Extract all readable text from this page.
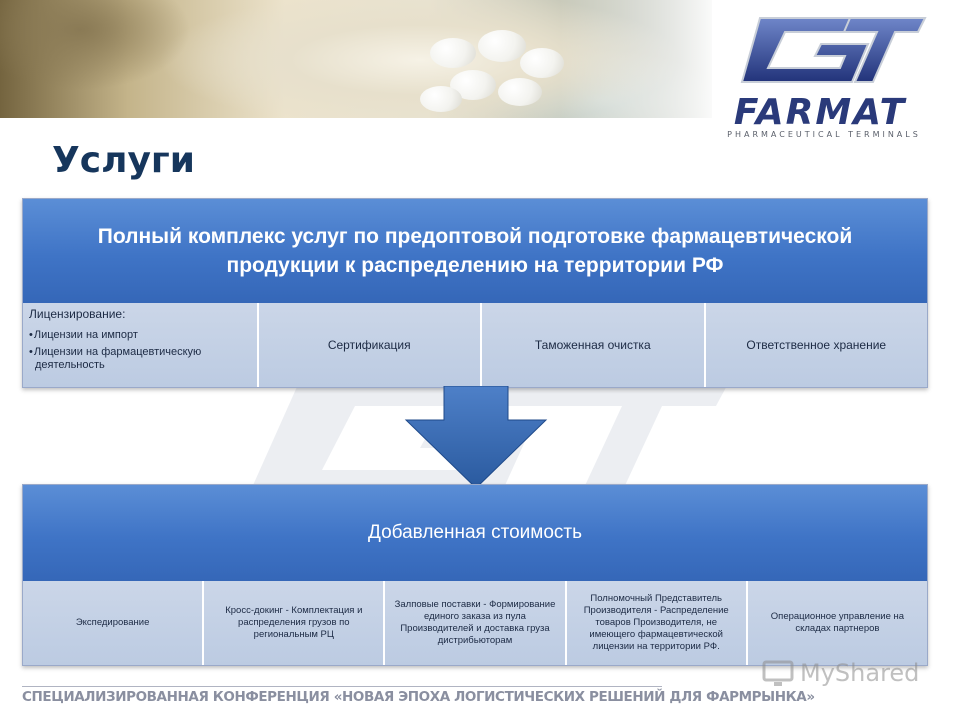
FARMAT
PHARMACEUTICAL TERMINALS
Услуги
Полный комплекс услуг по предоптовой подготовке фармацевтической продукции к распределению на территории РФ
Лицензирование:
• Лицензии на импорт
• Лицензии на фармацевтическую деятельность
Сертификация	Таможенная очистка	Ответственное хранение
Добавленная стоимость
Экспедирование
Кросс-докинг - Комплектация и распределения грузов по региональным РЦ
Залповые поставки - Формирование единого заказа из пула Производителей и доставка груза дистрибьюторам
Полномочный Представитель Производителя - Распределение товаров Производителя, не имеющего фармацевтической лицензии на территории РФ.
Операционное управление на складах партнеров
СПЕЦИАЛИЗИРОВАННАЯ КОНФЕРЕНЦИЯ «НОВАЯ ЭПОХА ЛОГИСТИЧЕСКИХ РЕШЕНИЙ ДЛЯ ФАРМРЫНКА»
MyShared
